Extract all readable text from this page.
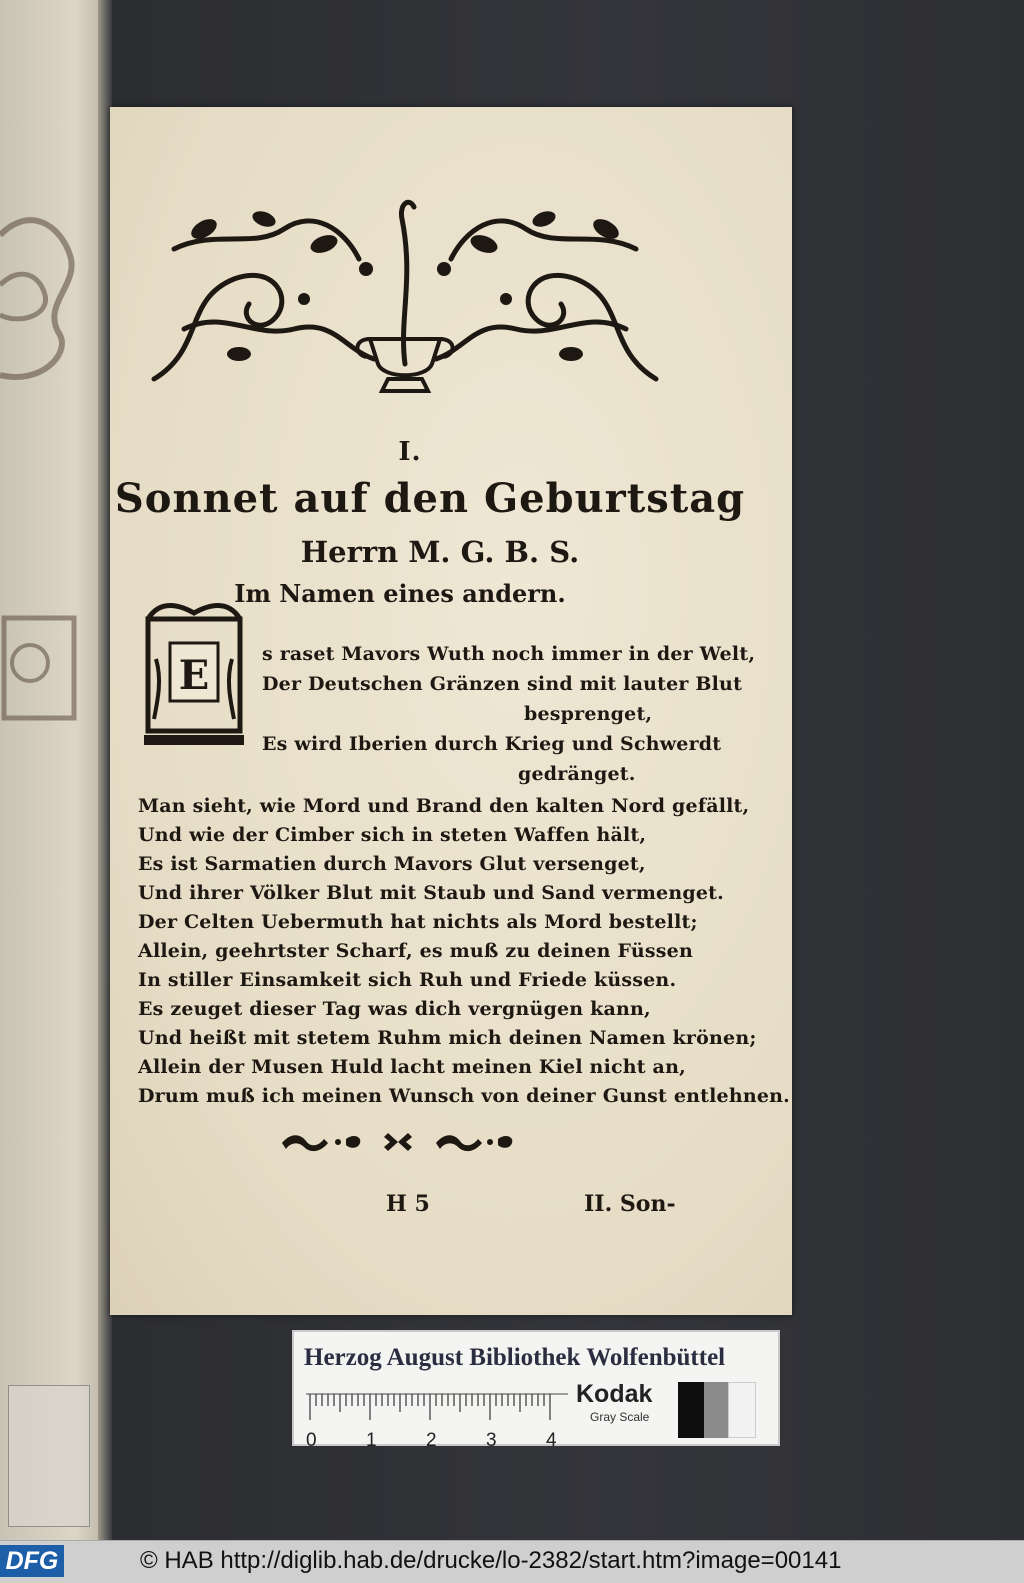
I.
Sonnet auf den Geburtstag
Herrn M. G. B. S.
Im Namen eines andern.
E	s raset Mavors Wuth noch immer in der Welt,
Der Deutschen Gränzen sind mit lauter Blut
besprenget,
Es wird Iberien durch Krieg und Schwerdt
gedränget.
Man sieht, wie Mord und Brand den kalten Nord gefällt,
Und wie der Cimber sich in steten Waffen hält,
Es ist Sarmatien durch Mavors Glut versenget,
Und ihrer Völker Blut mit Staub und Sand vermenget.
Der Celten Uebermuth hat nichts als Mord bestellt;
Allein, geehrtster Scharf, es muß zu deinen Füssen
In stiller Einsamkeit sich Ruh und Friede küssen.
Es zeuget dieser Tag was dich vergnügen kann,
Und heißt mit stetem Ruhm mich deinen Namen krönen;
Allein der Musen Huld lacht meinen Kiel nicht an,
Drum muß ich meinen Wunsch von deiner Gunst entlehnen.
H 5	II. Son-
Herzog August Bibliothek Wolfenbüttel
0	1	2	3	4
Kodak
Gray Scale
DFG	© HAB http://diglib.hab.de/drucke/lo-2382/start.htm?image=00141
